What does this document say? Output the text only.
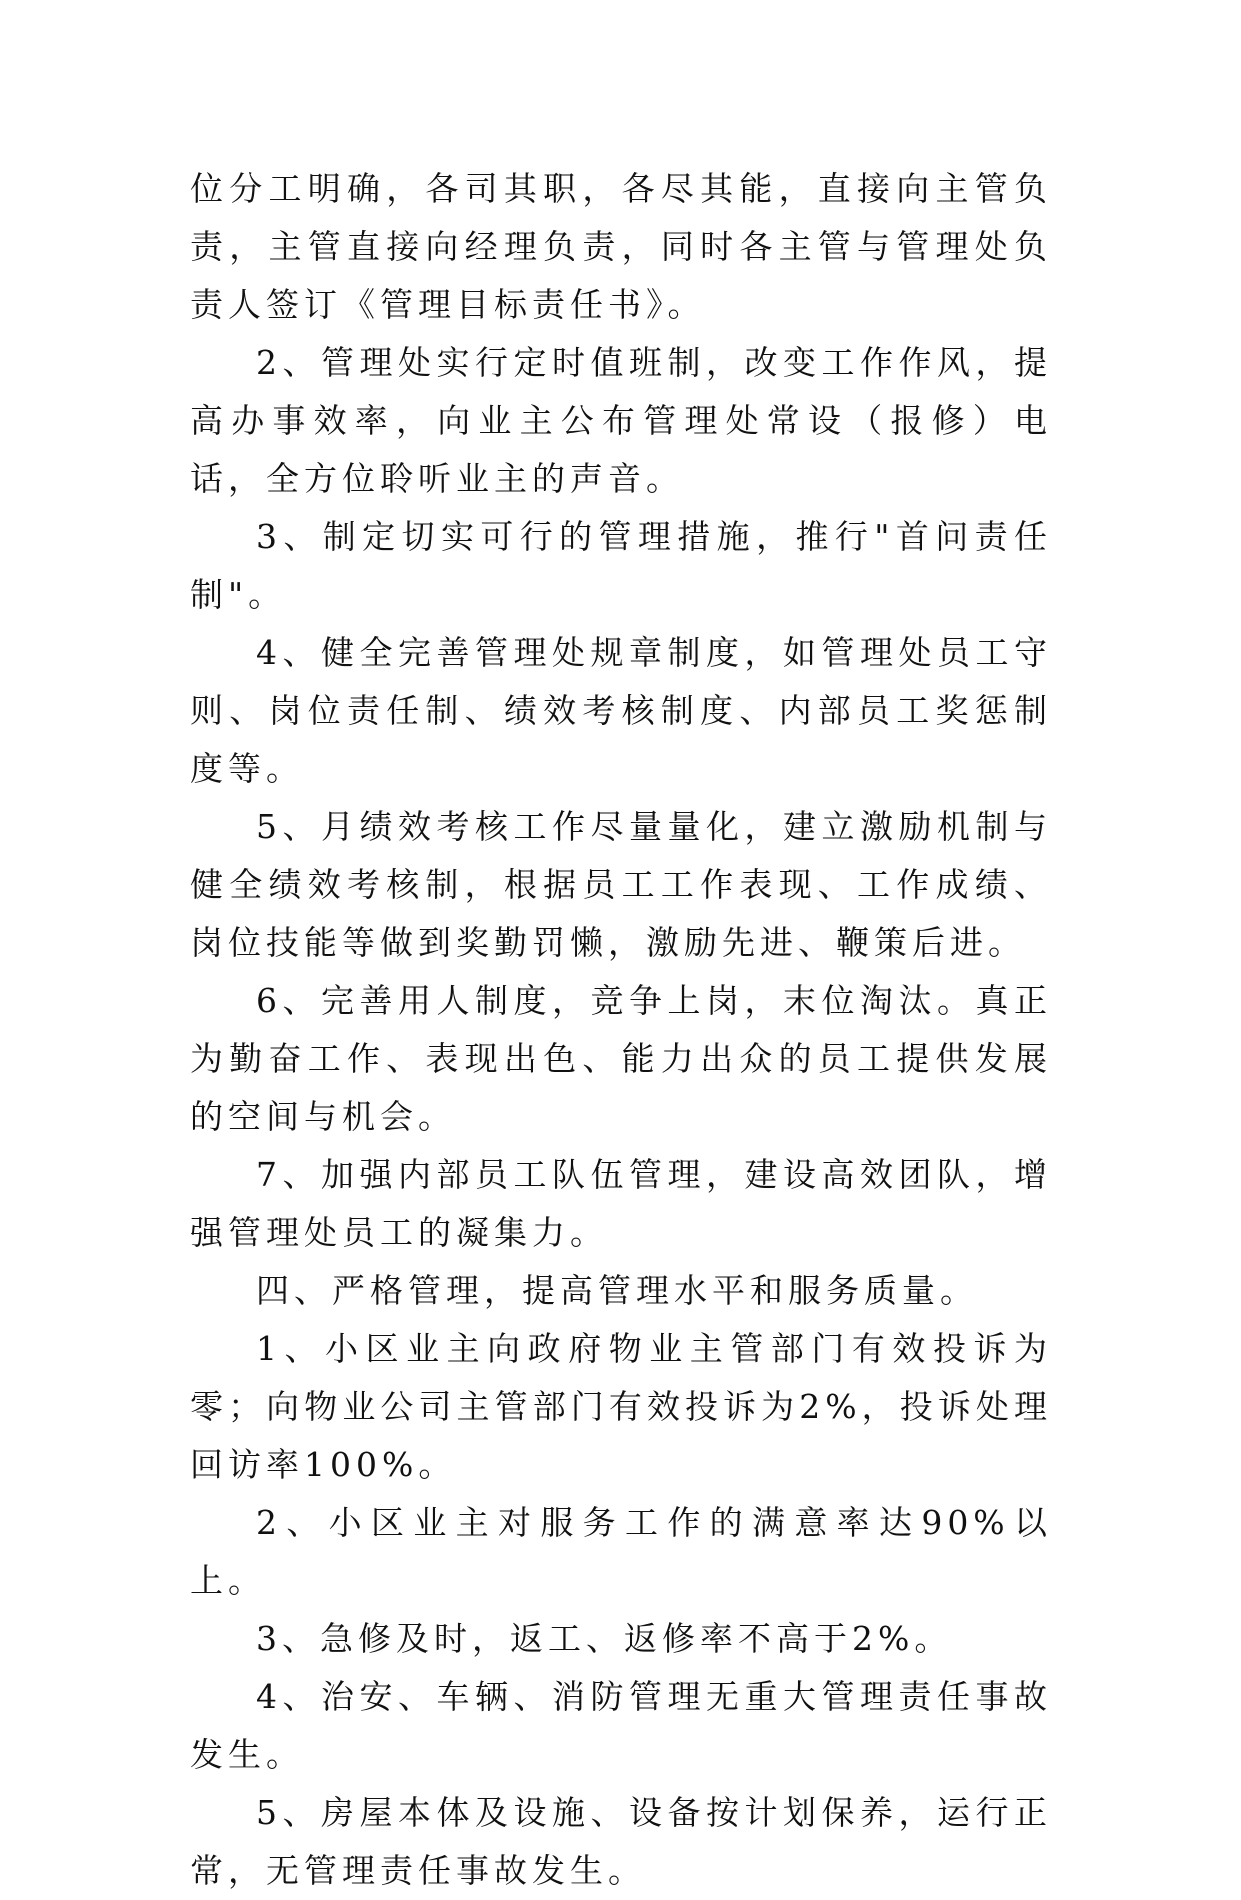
位分工明确，各司其职，各尽其能，直接向主管负责，主管直接向经理负责，同时各主管与管理处负责人签订《管理目标责任书》。

2、管理处实行定时值班制，改变工作作风，提高办事效率，向业主公布管理处常设（报修）电话，全方位聆听业主的声音。

3、制定切实可行的管理措施，推行"首问责任制"。

4、健全完善管理处规章制度，如管理处员工守则、岗位责任制、绩效考核制度、内部员工奖惩制度等。

5、月绩效考核工作尽量量化，建立激励机制与健全绩效考核制，根据员工工作表现、工作成绩、岗位技能等做到奖勤罚懒，激励先进、鞭策后进。

6、完善用人制度，竞争上岗，末位淘汰。真正为勤奋工作、表现出色、能力出众的员工提供发展的空间与机会。

7、加强内部员工队伍管理，建设高效团队，增强管理处员工的凝集力。

四、严格管理，提高管理水平和服务质量。

1、小区业主向政府物业主管部门有效投诉为零；向物业公司主管部门有效投诉为2%，投诉处理回访率100%。

2、小区业主对服务工作的满意率达90%以上。

3、急修及时，返工、返修率不高于2%。

4、治安、车辆、消防管理无重大管理责任事故发生。

5、房屋本体及设施、设备按计划保养，运行正常，无管理责任事故发生。
